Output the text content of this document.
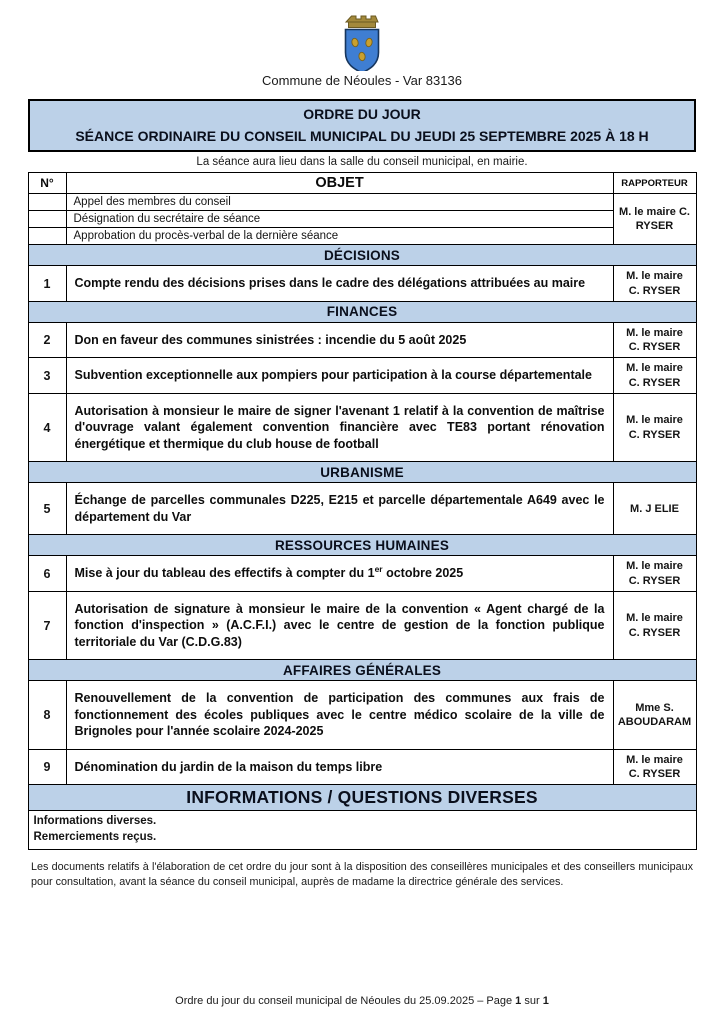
Commune de Néoules - Var 83136
ORDRE DU JOUR
SÉANCE ORDINAIRE DU CONSEIL MUNICIPAL DU JEUDI 25 SEPTEMBRE 2025 À 18 H
La séance aura lieu dans la salle du conseil municipal, en mairie.
N°	OBJET	RAPPORTEUR
	Appel des membres du conseil	M. le maire C. RYSER
	Désignation du secrétaire de séance	
	Approbation du procès-verbal de la dernière séance	
DÉCISIONS		
1	Compte rendu des décisions prises dans le cadre des délégations attribuées au maire	M. le maire
C. RYSER

FINANCES		
2	Don en faveur des communes sinistrées : incendie du 5 août 2025	M. le maire
C. RYSER

3	Subvention exceptionnelle aux pompiers pour participation à la course départementale	M. le maire
C. RYSER

4	Autorisation à monsieur le maire de signer l'avenant 1 relatif à la convention de maîtrise d'ouvrage valant également convention financière avec TE83 portant rénovation énergétique et thermique du club house de football	M. le maire
C. RYSER

URBANISME		
5	Échange de parcelles communales D225, E215 et parcelle départementale A649 avec le département du Var	M. J ELIE

RESSOURCES HUMAINES		
6	Mise à jour du tableau des effectifs à compter du 1er octobre 2025	M. le maire
C. RYSER

7	Autorisation de signature à monsieur le maire de la convention « Agent chargé de la fonction d'inspection » (A.C.F.I.) avec le centre de gestion de la fonction publique territoriale du Var (C.D.G.83)	M. le maire
C. RYSER

AFFAIRES GÉNÉRALES		
8	Renouvellement de la convention de participation des communes aux frais de fonctionnement des écoles publiques avec le centre médico scolaire de la ville de Brignoles pour l'année scolaire 2024-2025	Mme S.
ABOUDARAM

9	Dénomination du jardin de la maison du temps libre	M. le maire
C. RYSER

INFORMATIONS / QUESTIONS DIVERSES		

Informations diverses.
Remerciements reçus.		
Les documents relatifs à l'élaboration de cet ordre du jour sont à la disposition des conseillères municipales et des conseillers municipaux pour consultation, avant la séance du conseil municipal, auprès de madame la directrice générale des services.
Ordre du jour du conseil municipal de Néoules du 25.09.2025 – Page 1 sur 1
